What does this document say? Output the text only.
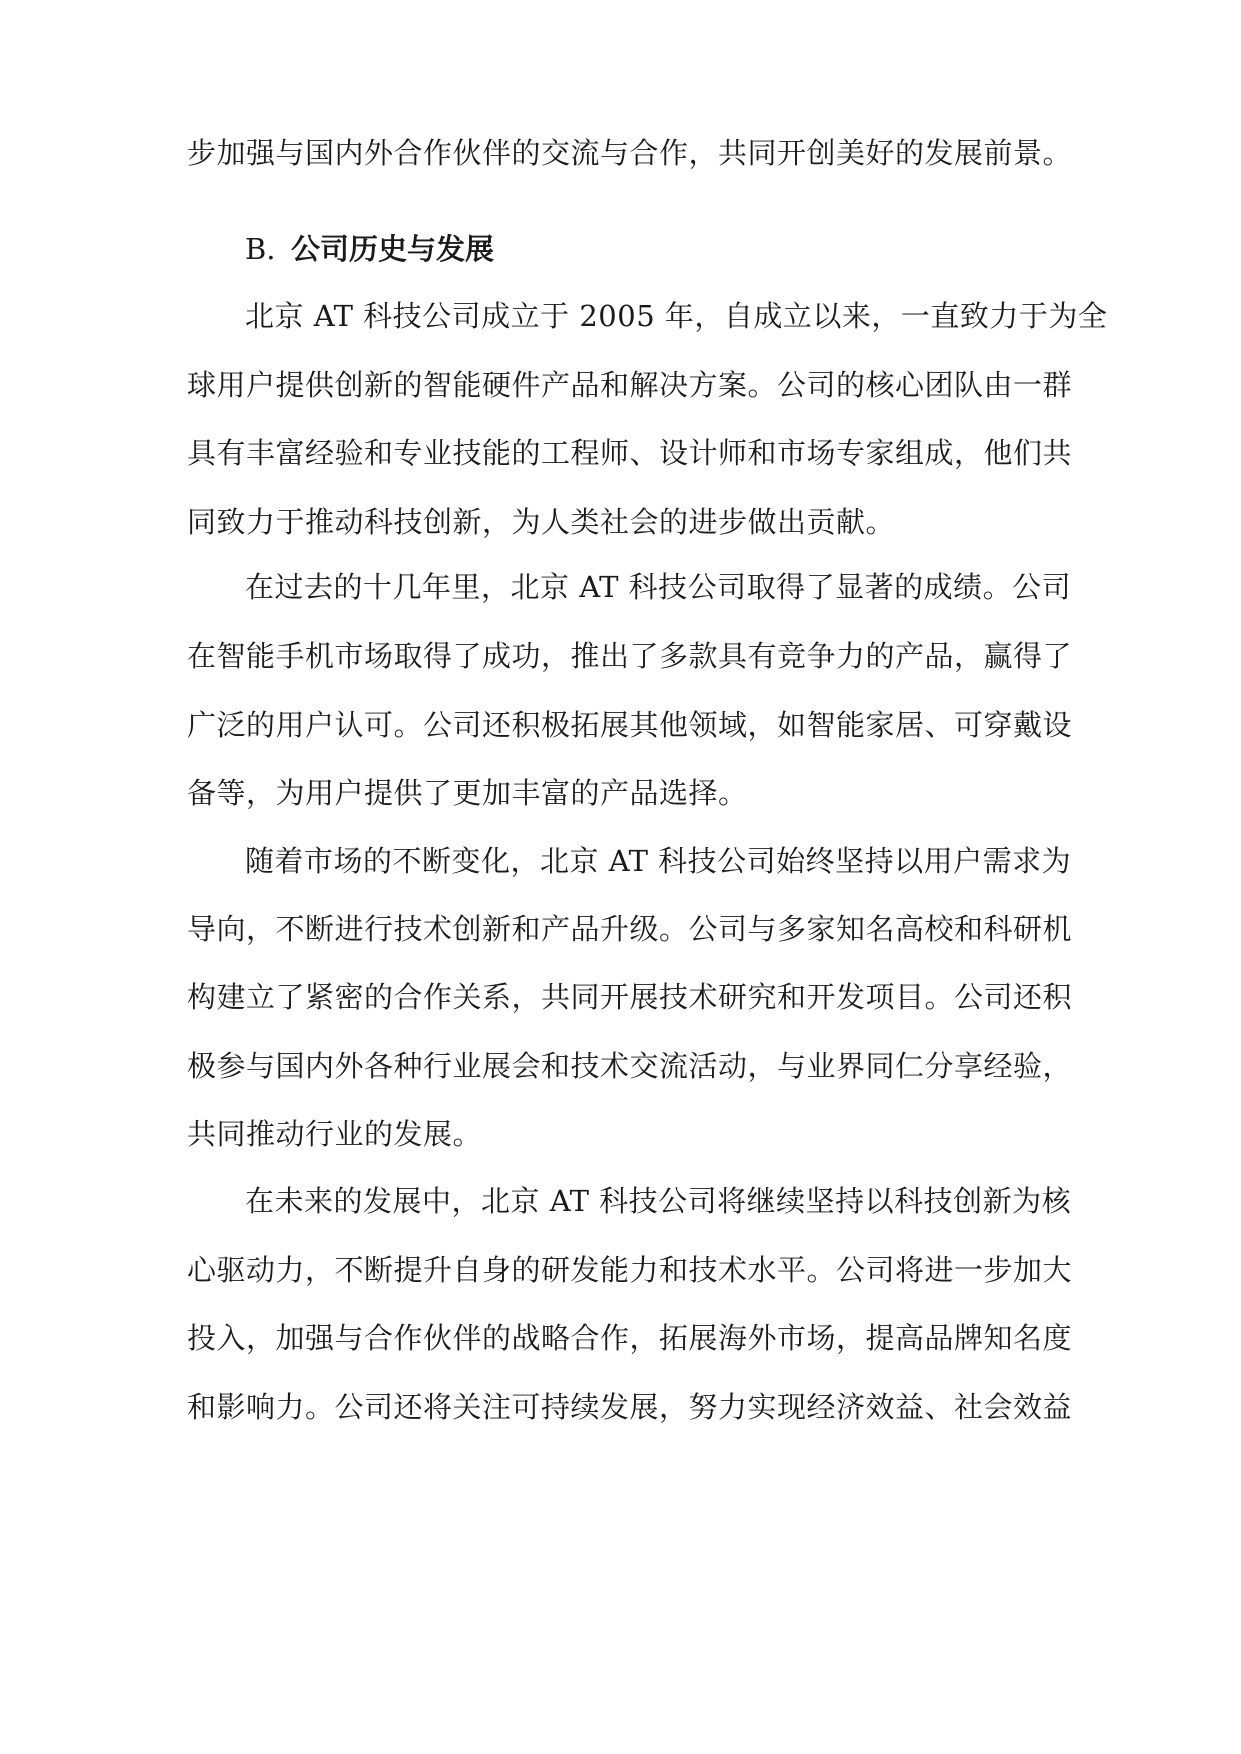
步加强与国内外合作伙伴的交流与合作，共同开创美好的发展前景。
B. 公司历史与发展
北京 AT 科技公司成立于 2005 年，自成立以来，一直致力于为全
球用户提供创新的智能硬件产品和解决方案。公司的核心团队由一群
具有丰富经验和专业技能的工程师、设计师和市场专家组成，他们共
同致力于推动科技创新，为人类社会的进步做出贡献。
在过去的十几年里，北京 AT 科技公司取得了显著的成绩。公司
在智能手机市场取得了成功，推出了多款具有竞争力的产品，赢得了
广泛的用户认可。公司还积极拓展其他领域，如智能家居、可穿戴设
备等，为用户提供了更加丰富的产品选择。
随着市场的不断变化，北京 AT 科技公司始终坚持以用户需求为
导向，不断进行技术创新和产品升级。公司与多家知名高校和科研机
构建立了紧密的合作关系，共同开展技术研究和开发项目。公司还积
极参与国内外各种行业展会和技术交流活动，与业界同仁分享经验，
共同推动行业的发展。
在未来的发展中，北京 AT 科技公司将继续坚持以科技创新为核
心驱动力，不断提升自身的研发能力和技术水平。公司将进一步加大
投入，加强与合作伙伴的战略合作，拓展海外市场，提高品牌知名度
和影响力。公司还将关注可持续发展，努力实现经济效益、社会效益
